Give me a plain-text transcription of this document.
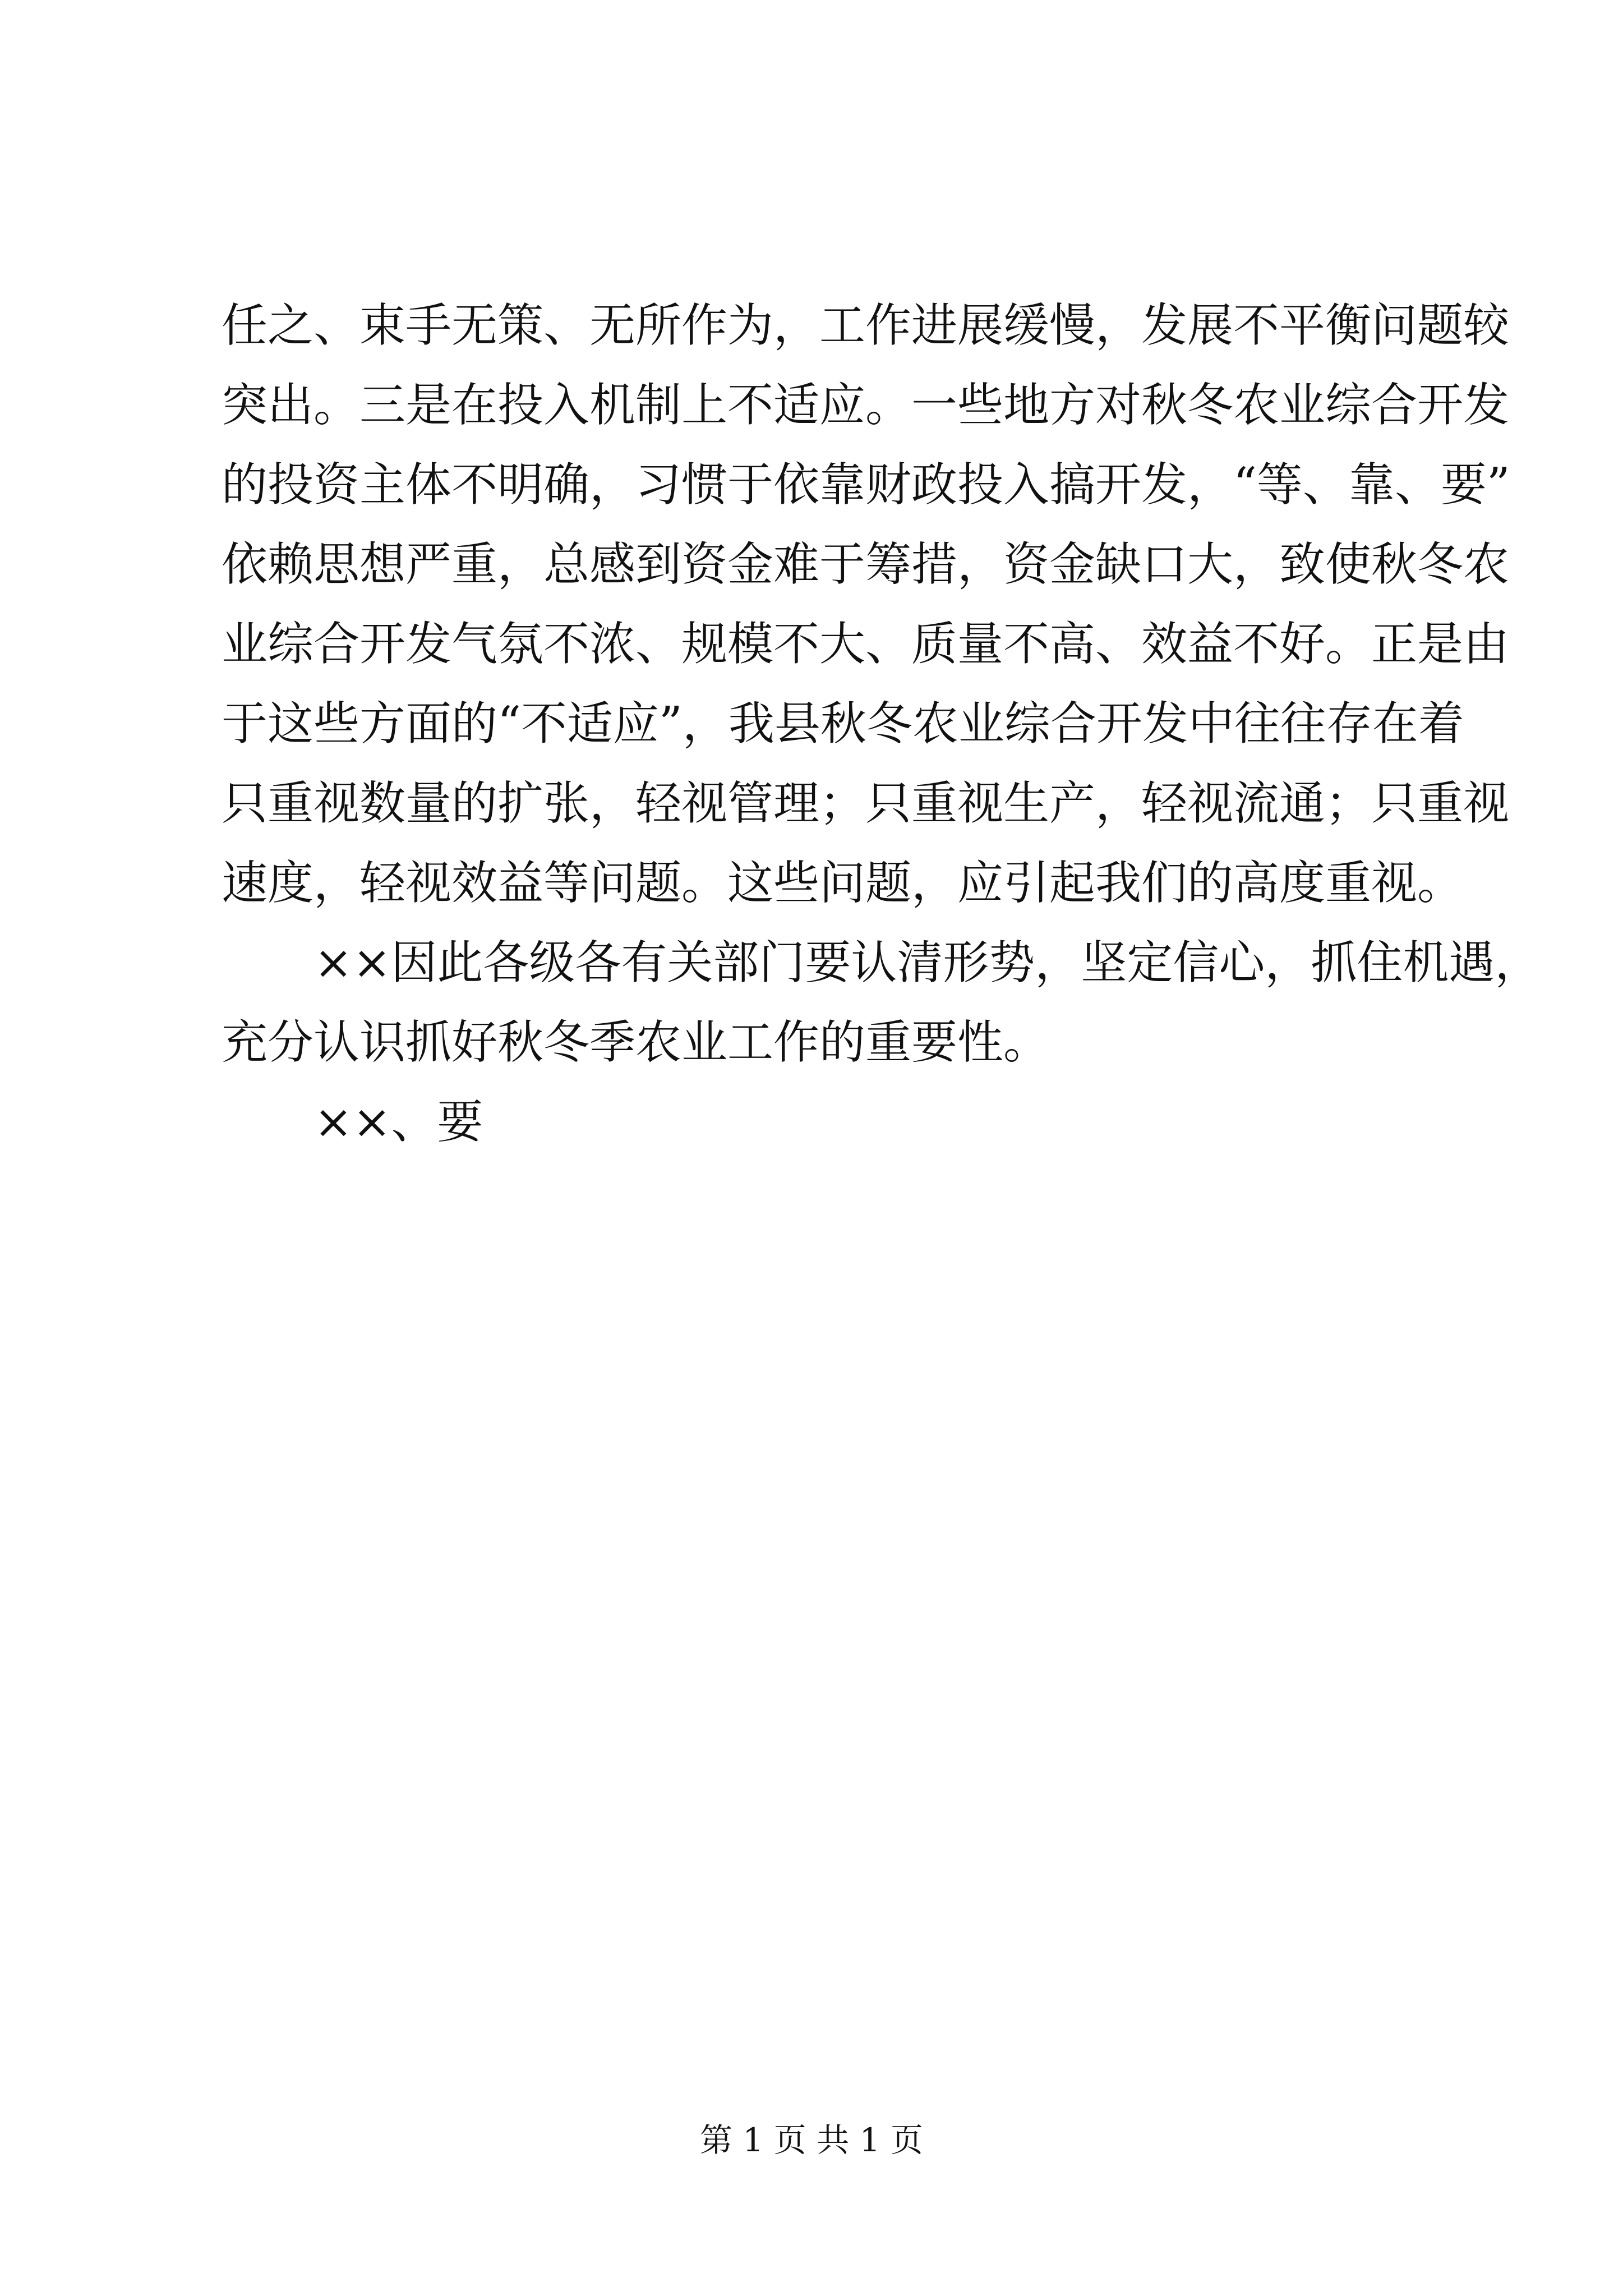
任之、束手无策、无所作为，工作进展缓慢，发展不平衡问题较
突出。三是在投入机制上不适应。一些地方对秋冬农业综合开发
的投资主体不明确，习惯于依靠财政投入搞开发，“等、靠、要”
依赖思想严重，总感到资金难于筹措，资金缺口大，致使秋冬农
业综合开发气氛不浓、规模不大、质量不高、效益不好。正是由
于这些方面的“不适应”，我县秋冬农业综合开发中往往存在着
只重视数量的扩张，轻视管理；只重视生产，轻视流通；只重视
速度，轻视效益等问题。这些问题，应引起我们的高度重视。
××因此各级各有关部门要认清形势，坚定信心，抓住机遇，
充分认识抓好秋冬季农业工作的重要性。
××、要
第 1 页 共 1 页
